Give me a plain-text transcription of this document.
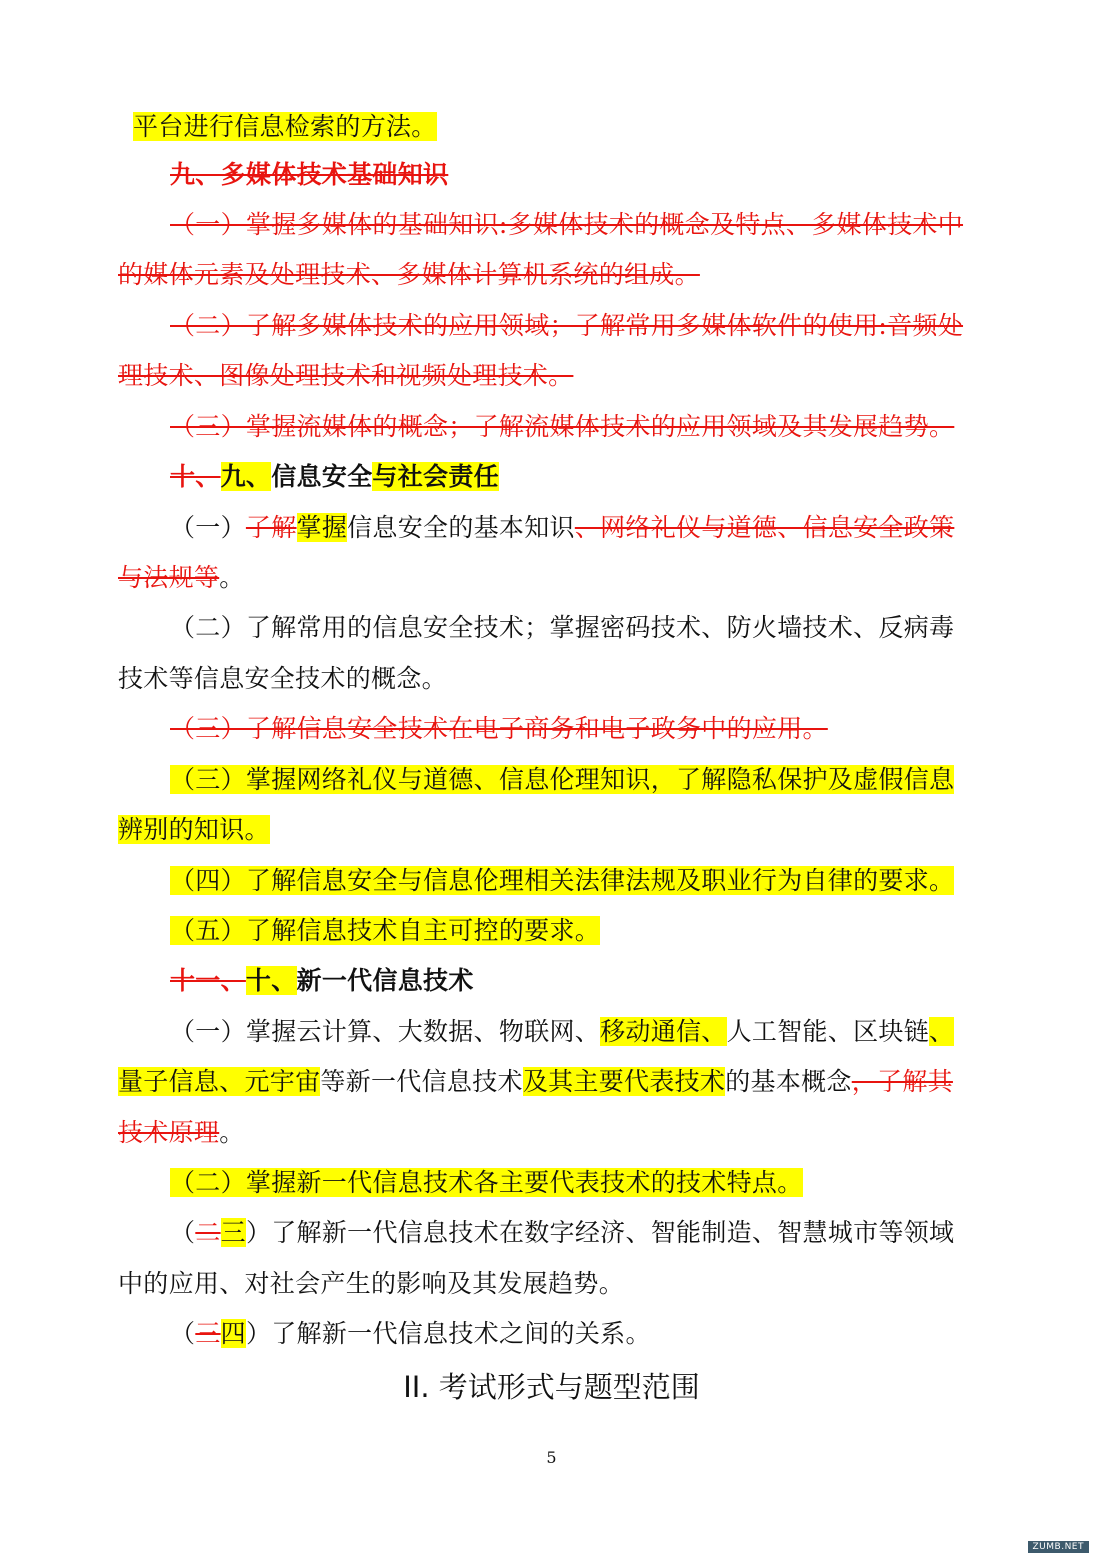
平台进行信息检索的方法。
九、多媒体技术基础知识
（一）掌握多媒体的基础知识:多媒体技术的概念及特点、多媒体技术中
的媒体元素及处理技术、多媒体计算机系统的组成。
（二）了解多媒体技术的应用领域；了解常用多媒体软件的使用:音频处
理技术、图像处理技术和视频处理技术。
（三）掌握流媒体的概念；了解流媒体技术的应用领域及其发展趋势。
十、九、信息安全与社会责任
（一）了解掌握信息安全的基本知识、网络礼仪与道德、信息安全政策
与法规等。
（二）了解常用的信息安全技术；掌握密码技术、防火墙技术、反病毒
技术等信息安全技术的概念。
（三）了解信息安全技术在电子商务和电子政务中的应用。
（三）掌握网络礼仪与道德、信息伦理知识，了解隐私保护及虚假信息
辨别的知识。
（四）了解信息安全与信息伦理相关法律法规及职业行为自律的要求。
（五）了解信息技术自主可控的要求。
十一、十、新一代信息技术
（一）掌握云计算、大数据、物联网、移动通信、人工智能、区块链、
量子信息、元宇宙等新一代信息技术及其主要代表技术的基本概念，了解其
技术原理。
（二）掌握新一代信息技术各主要代表技术的技术特点。
（二三）了解新一代信息技术在数字经济、智能制造、智慧城市等领域
中的应用、对社会产生的影响及其发展趋势。
（三四）了解新一代信息技术之间的关系。
II. 考试形式与题型范围
5
ZUMB.NET
